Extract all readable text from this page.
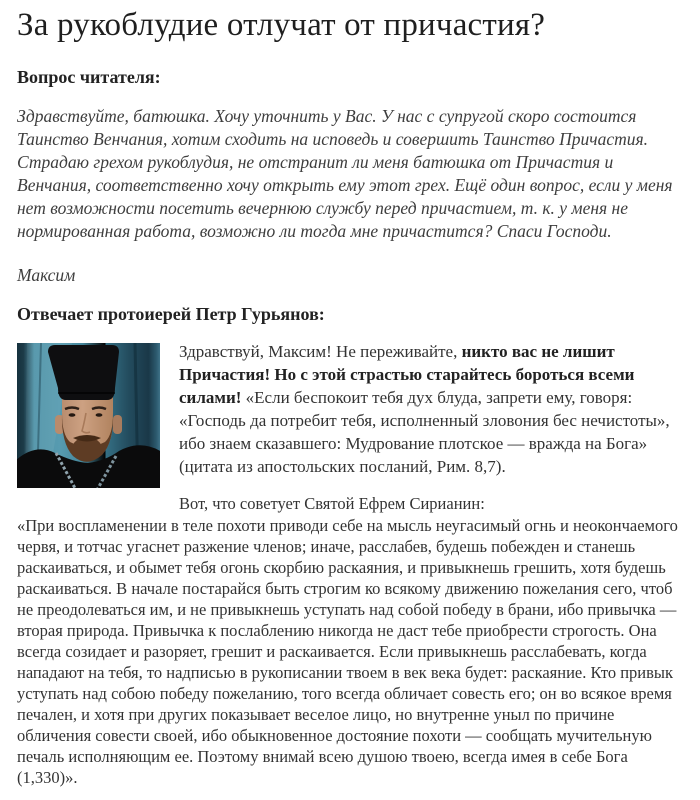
За рукоблудие отлучат от причастия?
Вопрос читателя:

Здравствуйте, батюшка. Хочу уточнить у Вас. У нас с супругой скоро состоится Таинство Венчания, хотим сходить на исповедь и совершить Таинство Причастия. Страдаю грехом рукоблудия, не отстранит ли меня батюшка от Причастия и Венчания, соответственно хочу открыть ему этот грех. Ещё один вопрос, если у меня нет возможности посетить вечернюю службу перед причастием, т. к. у меня не нормированная работа, возможно ли тогда мне причастится? Спаси Господи.

Максим

Отвечает протоиерей Петр Гурьянов:

Здравствуй, Максим! Не переживайте, никто вас не лишит Причастия! Но с этой страстью старайтесь бороться всеми силами! «Если беспокоит тебя дух блуда, запрети ему, говоря: «Господь да потребит тебя, исполненный зловония бес нечистоты», ибо знаем сказавшего: Мудрование плотское — вражда на Бога» (цитата из апостольских посланий, Рим. 8,7).

Вот, что советует Святой Ефрем Сирианин:

«При воспламенении в теле похоти приводи себе на мысль неугасимый огнь и неокончаемого червя, и тотчас угаснет разжение членов; иначе, расслабев, будешь побежден и станешь раскаиваться, и обымет тебя огонь скорбию раскаяния, и привыкнешь грешить, хотя будешь раскаиваться. В начале постарайся быть строгим ко всякому движению пожелания сего, чтоб не преодолеваться им, и не привыкнешь уступать над собой победу в брани, ибо привычка — вторая природа. Привычка к послаблению никогда не даст тебе приобрести строгость. Она всегда созидает и разоряет, грешит и раскаивается. Если привыкнешь расслабевать, когда нападают на тебя, то надписью в рукописании твоем в век века будет: раскаяние. Кто привык уступать над собою победу пожеланию, того всегда обличает совесть его; он во всякое время печален, и хотя при других показывает веселое лицо, но внутренне уныл по причине обличения совести своей, ибо обыкновенное достояние похоти — сообщать мучительную печаль исполняющим ее. Поэтому внимай всею душою твоею, всегда имея в себе Бога (1,330)».
